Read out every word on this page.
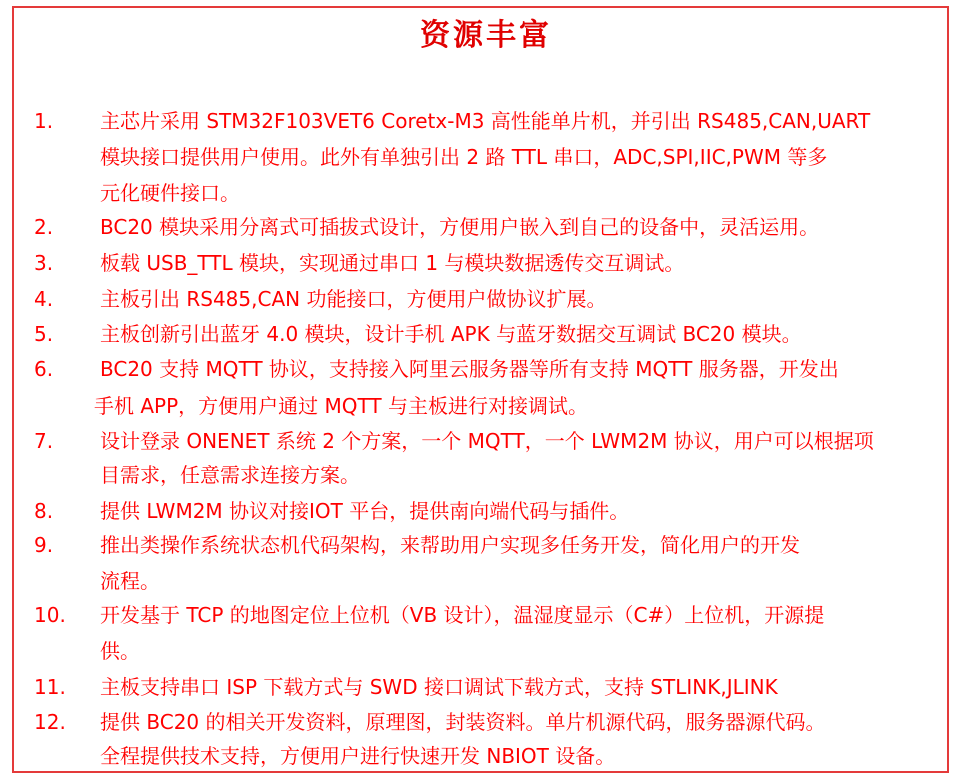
资源丰富
1. 主芯片采用 STM32F103VET6 Coretx-M3 高性能单片机，并引出 RS485,CAN,UART
模块接口提供用户使用。此外有单独引出 2 路 TTL 串口，ADC,SPI,IIC,PWM 等多
元化硬件接口。
2. BC20 模块采用分离式可插拔式设计，方便用户嵌入到自己的设备中，灵活运用。
3. 板载 USB_TTL 模块，实现通过串口 1 与模块数据透传交互调试。
4. 主板引出 RS485,CAN 功能接口，方便用户做协议扩展。
5. 主板创新引出蓝牙 4.0 模块，设计手机 APK 与蓝牙数据交互调试 BC20 模块。
6. BC20 支持 MQTT 协议，支持接入阿里云服务器等所有支持 MQTT 服务器，开发出
手机 APP，方便用户通过 MQTT 与主板进行对接调试。
7. 设计登录 ONENET 系统 2 个方案，一个 MQTT，一个 LWM2M 协议，用户可以根据项
目需求，任意需求连接方案。
8. 提供 LWM2M 协议对接IOT 平台，提供南向端代码与插件。
9. 推出类操作系统状态机代码架构，来帮助用户实现多任务开发，简化用户的开发
流程。
10. 开发基于 TCP 的地图定位上位机（VB 设计），温湿度显示（C#）上位机，开源提
供。
11. 主板支持串口 ISP 下载方式与 SWD 接口调试下载方式，支持 STLINK,JLINK
12. 提供 BC20 的相关开发资料，原理图，封装资料。单片机源代码，服务器源代码。
全程提供技术支持，方便用户进行快速开发 NBIOT 设备。
